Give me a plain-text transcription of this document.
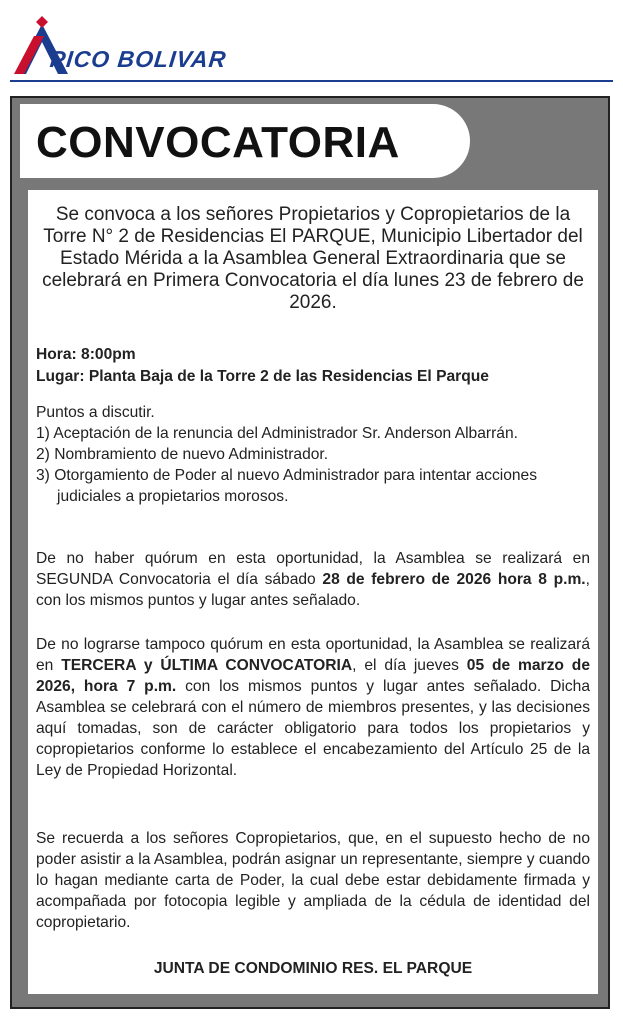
PICO BOLIVAR
CONVOCATORIA
Se convoca a los señores Propietarios y Copropietarios de la Torre N° 2 de Residencias El PARQUE, Municipio Libertador del Estado Mérida a la Asamblea General Extraordinaria que se celebrará en Primera Convocatoria el día lunes 23 de febrero de 2026.
Hora: 8:00pm
Lugar: Planta Baja de la Torre 2 de las Residencias El Parque
Puntos a discutir.
1) Aceptación de la renuncia del Administrador Sr. Anderson Albarrán.
2) Nombramiento de nuevo Administrador.
3) Otorgamiento de Poder al nuevo Administrador para intentar acciones judiciales a propietarios morosos.
De no haber quórum en esta oportunidad, la Asamblea se realizará en SEGUNDA Convocatoria el día sábado 28 de febrero de 2026 hora 8 p.m., con los mismos puntos y lugar antes señalado.
De no lograrse tampoco quórum en esta oportunidad, la Asamblea se realizará en TERCERA y ÚLTIMA CONVOCATORIA, el día jueves 05 de marzo de 2026, hora 7 p.m. con los mismos puntos y lugar antes señalado. Dicha Asamblea se celebrará con el número de miembros presentes, y las decisiones aquí tomadas, son de carácter obligatorio para todos los propietarios y copropietarios conforme lo establece el encabezamiento del Artículo 25 de la Ley de Propiedad Horizontal.
Se recuerda a los señores Copropietarios, que, en el supuesto hecho de no poder asistir a la Asamblea, podrán asignar un representante, siempre y cuando lo hagan mediante carta de Poder, la cual debe estar debidamente firmada y acompañada por fotocopia legible y ampliada de la cédula de identidad del copropietario.
JUNTA DE CONDOMINIO RES. EL PARQUE
